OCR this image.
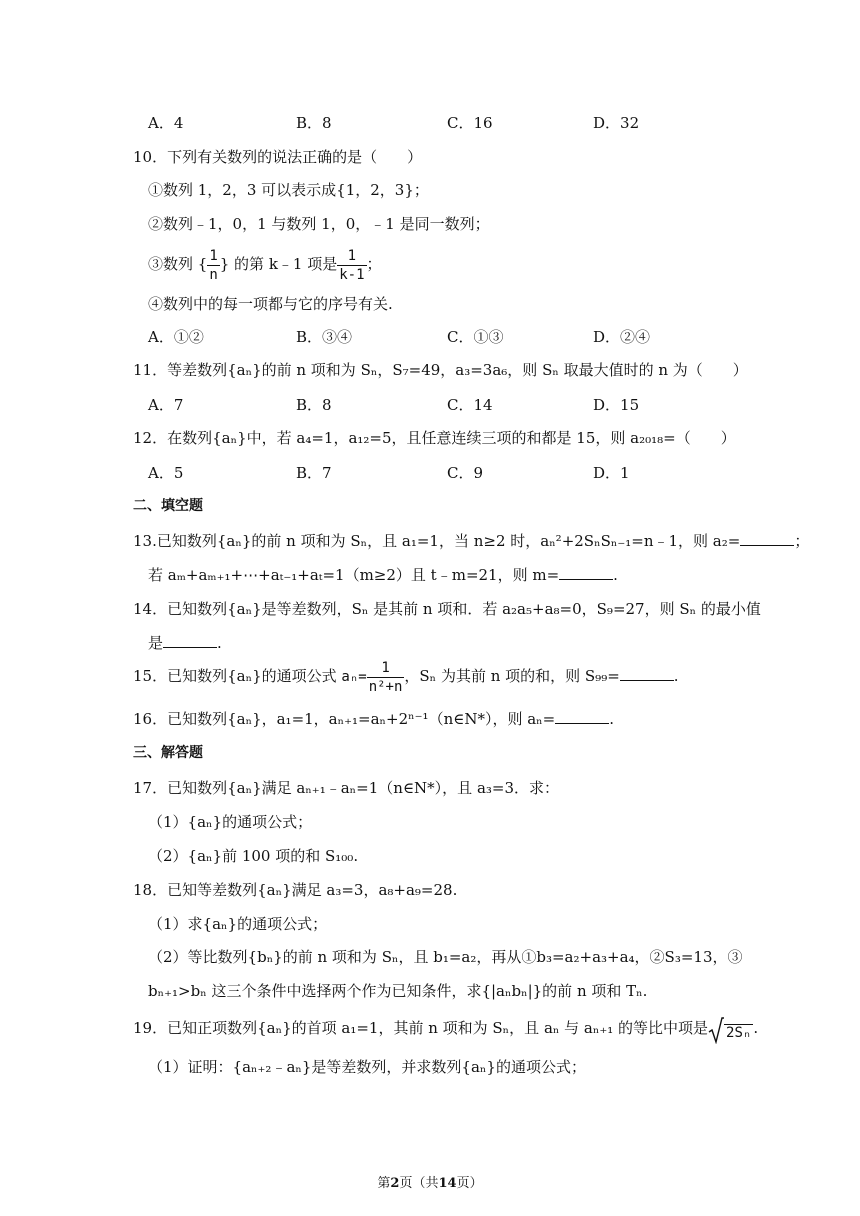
A．4	B．8	C．16	D．32
10．下列有关数列的说法正确的是（　　）
①数列 1，2，3 可以表示成{1，2，3}；
②数列﹣1，0，1 与数列 1，0，﹣1 是同一数列；
③数列 { $\frac{1}{n}$ } 的第 k﹣1 项是 $\frac{1}{k-1}$ ；
④数列中的每一项都与它的序号有关.
A．①②	B．③④	C．①③	D．②④
11．等差数列{aₙ}的前 n 项和为 Sₙ，S₇=49，a₃=3a₆，则 Sₙ 取最大值时的 n 为（　　）
A．7	B．8	C．14	D．15
12．在数列{aₙ}中，若 a₄=1，a₁₂=5，且任意连续三项的和都是 15，则 a₂₀₁₈=（　　）
A．5	B．7	C．9	D．1
二、填空题
13.已知数列{aₙ}的前 n 项和为 Sₙ，且 a₁=1，当 n≥2 时，aₙ²+2SₙSₙ₋₁=n﹣1，则 a₂=	；
若 aₘ+aₘ₊₁+⋯+aₜ₋₁+aₜ=1（m≥2）且 t﹣m=21，则 m=	.
14．已知数列{aₙ}是等差数列，Sₙ 是其前 n 项和．若 a₂a₅+a₈=0，S₉=27，则 Sₙ 的最小值
是	.
15．已知数列{aₙ}的通项公式 $a_n= \frac{1}{\text{n²+n}}$ ，Sₙ 为其前 n 项的和，则 S₉₉=	.
16．已知数列{aₙ}，a₁=1，aₙ₊₁=aₙ+2ⁿ⁻¹（n∈N*），则 aₙ=	.
三、解答题
17．已知数列{aₙ}满足 aₙ₊₁﹣aₙ=1（n∈N*），且 a₃=3．求：
（1）{aₙ}的通项公式；
（2）{aₙ}前 100 项的和 S₁₀₀.
18．已知等差数列{aₙ}满足 a₃=3，a₈+a₉=28.
（1）求{aₙ}的通项公式；
（2）等比数列{bₙ}的前 n 项和为 Sₙ，且 b₁=a₂，再从①b₃=a₂+a₃+a₄，②S₃=13，③
bₙ₊₁>bₙ 这三个条件中选择两个作为已知条件，求{|aₙbₙ|}的前 n 项和 Tₙ.
19．已知正项数列{aₙ}的首项 a₁=1，其前 n 项和为 Sₙ，且 aₙ 与 aₙ₊₁ 的等比中项是 2Sₙ .
（1）证明：{aₙ₊₂﹣aₙ}是等差数列，并求数列{aₙ}的通项公式；
第2页（共14页）
